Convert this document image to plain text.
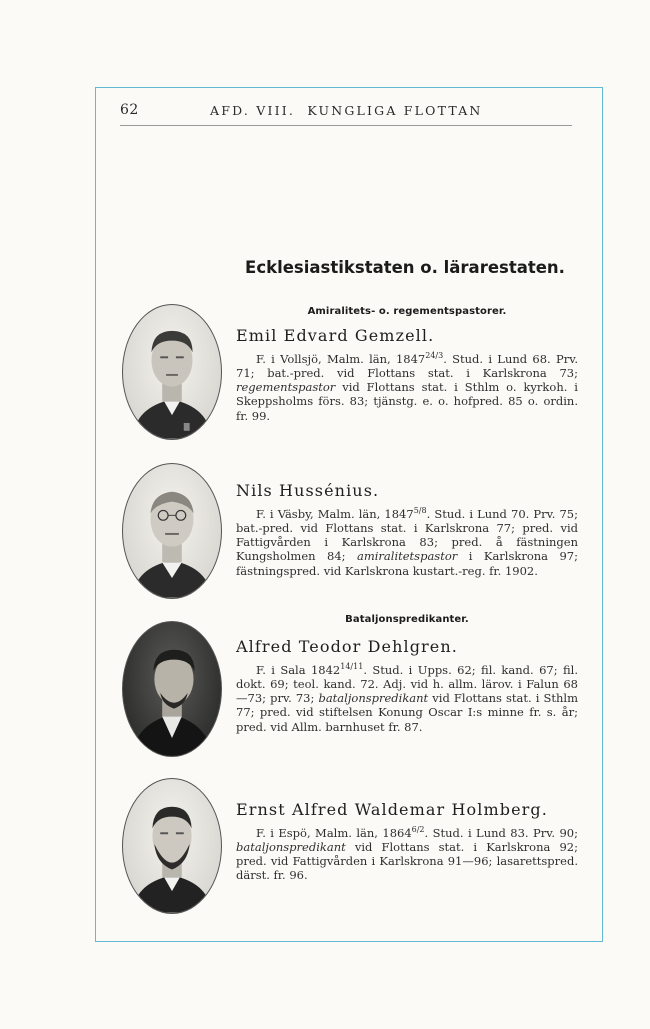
62	AFD. VIII.  KUNGLIGA FLOTTAN
Ecklesiastikstaten o. lärarestaten.
Amiralitets- o. regementspastorer.
Emil Edvard Gemzell.
F. i Vollsjö, Malm. län, $1847^{24/3}$. Stud. i Lund 68. Prv. 71; bat.-pred. vid Flottans stat. i Karlskrona 73; regementspastor vid Flottans stat. i Sthlm o. kyrkoh. i Skeppsholms förs. 83; tjänstg. e. o. hofpred. 85 o. ordin. fr. 99.
Nils Hussénius.
F. i Väsby, Malm. län, $1847^{5/8}$. Stud. i Lund 70. Prv. 75; bat.-pred. vid Flottans stat. i Karlskrona 77; pred. vid Fattigvården i Karlskrona 83; pred. å fästningen Kungsholmen 84; amiralitetspastor i Karlskrona 97; fästningspred. vid Karlskrona kustart.-reg. fr. 1902.
Bataljonspredikanter.
Alfred Teodor Dehlgren.
F. i Sala $1842^{14/11}$. Stud. i Upps. 62; fil. kand. 67; fil. dokt. 69; teol. kand. 72. Adj. vid h. allm. lärov. i Falun 68—73; prv. 73; bataljonspredikant vid Flottans stat. i Sthlm 77; pred. vid stiftelsen Konung Oscar I:s minne fr. s. år; pred. vid Allm. barnhuset fr. 87.
Ernst Alfred Waldemar Holmberg.
F. i Espö, Malm. län, $1864^{6/2}$. Stud. i Lund 83. Prv. 90; bataljonspredikant vid Flottans stat. i Karlskrona 92; pred. vid Fattigvården i Karlskrona 91—96; lasarettspred. därst. fr. 96.
